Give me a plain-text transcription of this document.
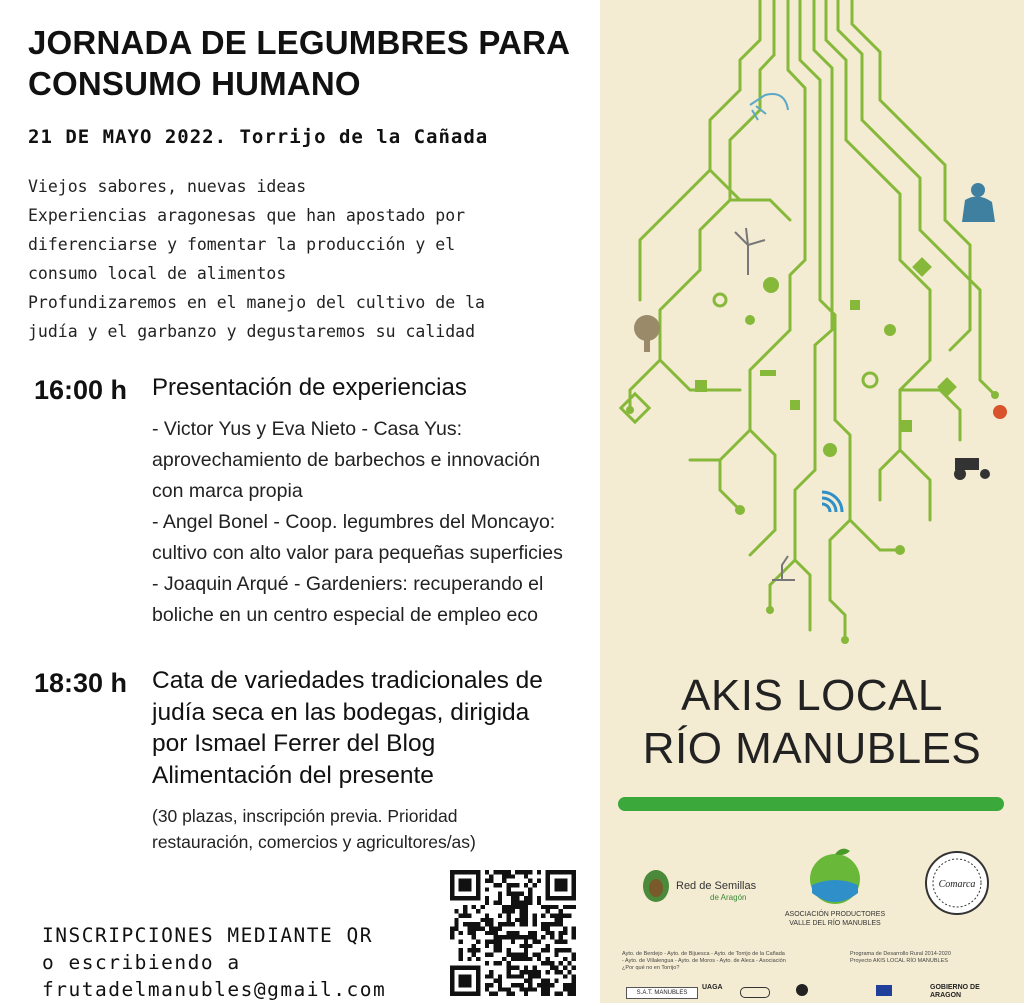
JORNADA DE LEGUMBRES PARA
CONSUMO HUMANO
21 DE MAYO 2022. Torrijo de la Cañada
Viejos sabores, nuevas ideas
Experiencias aragonesas que han apostado por
diferenciarse y fomentar la producción y el
consumo local de alimentos
Profundizaremos en el manejo del cultivo de la
judía y el garbanzo y degustaremos su calidad
16:00 h Presentación de experiencias
- Victor Yus y Eva Nieto - Casa Yus:
aprovechamiento de barbechos e innovación
con marca propia
- Angel Bonel - Coop. legumbres del Moncayo:
cultivo con alto valor para pequeñas superficies
- Joaquin Arqué - Gardeniers: recuperando el
boliche en un centro especial de empleo eco
18:30 h Cata de variedades tradicionales de
judía seca en las bodegas, dirigida
por Ismael Ferrer del Blog
Alimentación del presente
(30 plazas, inscripción previa. Prioridad
restauración, comercios y agricultores/as)
INSCRIPCIONES MEDIANTE QR
o escribiendo a
frutadelmanubles@gmail.com
AKIS LOCAL
RÍO MANUBLES
Red de Semillas
de Aragón
ASOCIACIÓN PRODUCTORES
VALLE DEL RÍO MANUBLES
Comarca
Ayto. de Berdejo - Ayto. de Bijuesca - Ayto. de Torrijo de la Cañada
- Ayto. de Villalengua - Ayto. de Moros - Ayto. de Aleca - Asociación
¿Por qué no en Torrijo?
Programa de Desarrollo Rural 2014-2020
Proyecto AKIS LOCAL RÍO MANUBLES
S.A.T. MANUBLES
UAGA	GOBIERNO DE ARAGON
